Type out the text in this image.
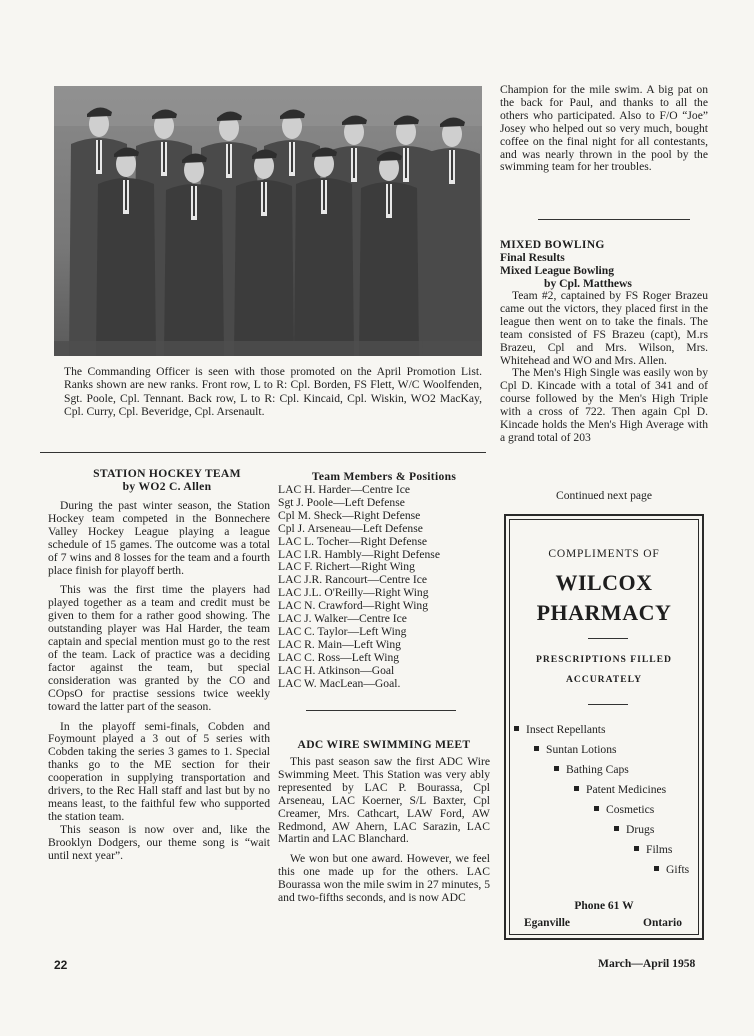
The Commanding Officer is seen with those promoted on the April Promotion List. Ranks shown are new ranks. Front row, L to R: Cpl. Borden, FS Flett, W/C Woolfenden, Sgt. Poole, Cpl. Tennant. Back row, L to R: Cpl. Kincaid, Cpl. Wiskin, WO2 MacKay, Cpl. Curry, Cpl. Beveridge, Cpl. Arsenault.
STATION HOCKEY TEAM
by WO2 C. Allen

During the past winter season, the Station Hockey team competed in the Bonnechere Valley Hockey League playing a league schedule of 15 games. The outcome was a total of 7 wins and 8 losses for the team and a fourth place finish for playoff berth.

This was the first time the players had played together as a team and credit must be given to them for a rather good showing. The outstanding player was Hal Harder, the team captain and special mention must go to the rest of the team. Lack of practice was a deciding factor against the team, but special consideration was granted by the CO and COpsO for practise sessions twice weekly toward the latter part of the season.

In the playoff semi-finals, Cobden and Foymount played a 3 out of 5 series with Cobden taking the series 3 games to 1. Special thanks go to the ME section for their cooperation in supplying transportation and drivers, to the Rec Hall staff and last but by no means least, to the faithful few who supported the station team.

This season is now over and, like the Brooklyn Dodgers, our theme song is “wait until next year”.

Team Members & Positions
LAC H. Harder—Centre Ice
Sgt J. Poole—Left Defense
Cpl M. Sheck—Right Defense
Cpl J. Arseneau—Left Defense
LAC L. Tocher—Right Defense
LAC I.R. Hambly—Right Defense
LAC F. Richert—Right Wing
LAC J.R. Rancourt—Centre Ice
LAC J.L. O'Reilly—Right Wing
LAC N. Crawford—Right Wing
LAC J. Walker—Centre Ice
LAC C. Taylor—Left Wing
LAC R. Main—Left Wing
LAC C. Ross—Left Wing
LAC H. Atkinson—Goal
LAC W. MacLean—Goal.
ADC WIRE SWIMMING MEET

This past season saw the first ADC Wire Swimming Meet. This Station was very ably represented by LAC P. Bourassa, Cpl Arseneau, LAC Koerner, S/L Baxter, Cpl Creamer, Mrs. Cathcart, LAW Ford, AW Redmond, AW Ahern, LAC Sarazin, LAC Martin and LAC Blanchard.

We won but one award. However, we feel this one made up for the others. LAC Bourassa won the mile swim in 27 minutes, 5 and two-fifths seconds, and is now ADC

Champion for the mile swim. A big pat on the back for Paul, and thanks to all the others who participated. Also to F/O “Joe” Josey who helped out so very much, bought coffee on the final night for all contestants, and was nearly thrown in the pool by the swimming team for her troubles.

MIXED BOWLING
Final Results
Mixed League Bowling
by Cpl. Matthews

Team #2, captained by FS Roger Brazeu came out the victors, they placed first in the league then went on to take the finals. The team consisted of FS Brazeu (capt), M.rs Brazeu, Cpl and Mrs. Wilson, Mrs. Whitehead and WO and Mrs. Allen.

The Men's High Single was easily won by Cpl D. Kincade with a total of 341 and of course followed by the Men's High Triple with a cross of 722. Then again Cpl D. Kincade holds the Men's High Average with a grand total of 203

Continued next page
COMPLIMENTS OF
WILCOX
PHARMACY
PRESCRIPTIONS FILLED
ACCURATELY
Insect Repellants
Suntan Lotions
Bathing Caps
Patent Medicines
Cosmetics
Drugs
Films
Gifts
Phone 61 W
Eganville	Ontario
22	March—April 1958
